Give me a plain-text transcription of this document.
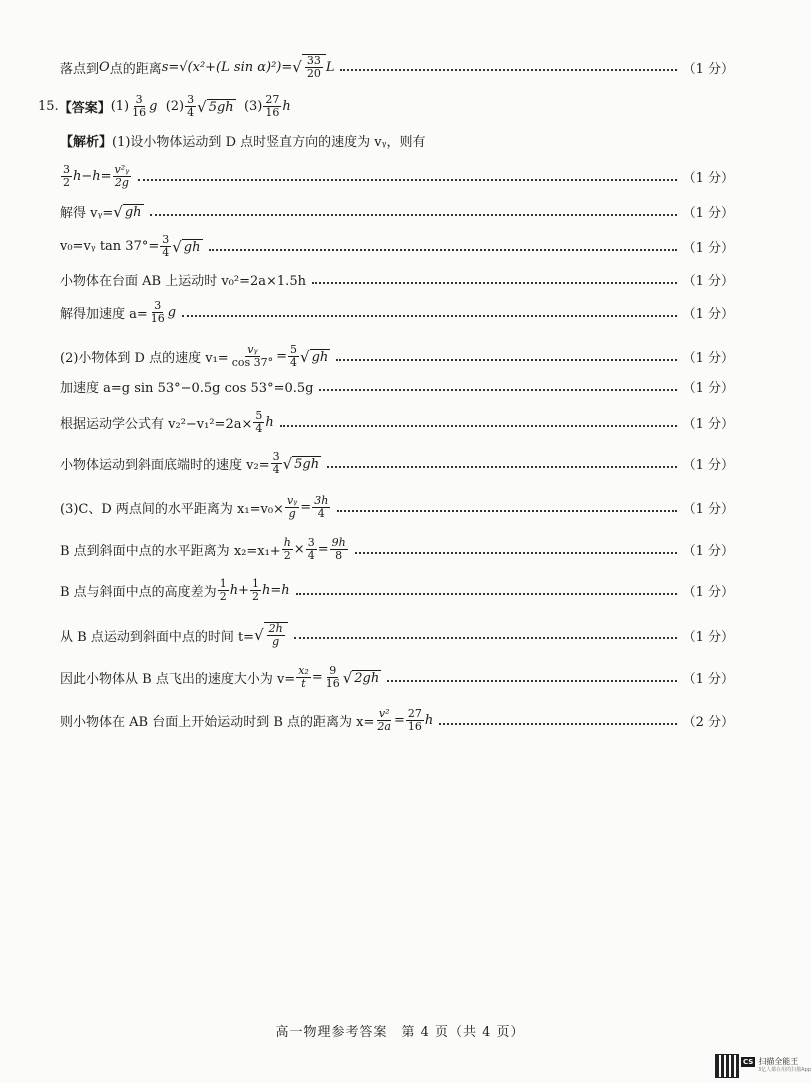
落点到 O 点的距离 s=√(x²+(L sin α)²)= √ $\frac{33}{20}$ L	（1 分）
15. 【答案】 $(1) \frac{3}{16}$ g
$(2) \frac{3}{4}$ √ 5gh
$(3) \frac{27}{16}$ h
【解析】 (1)设小物体运动到 D 点时竖直方向的速度为 vᵧ，则有
$\frac{3}{2} h-h= \frac{\text{v²ᵧ}}{2g}$	（1 分）
解得 vᵧ= √ gh	（1 分）
v₀=vᵧ $\tan 37^\circ= \frac{3}{4}$ √ gh	（1 分）
小物体在台面 AB 上运动时 v₀²=2a×1.5h	（1 分）
解得加速度 $a= \frac{3}{16}$ g	（1 分）
(2)小物体到 D 点的速度 $v_1= \frac{\text{vᵧ}}{\cos 37^\circ} = \frac{5}{4}$ √ gh	（1 分）
加速度 a=g sin 53°−0.5g cos 53°=0.5g	（1 分）
根据运动学公式有 $v_2^2-v_1^2=2a\times \frac{5}{4}$ h	（1 分）
小物体运动到斜面底端时的速度 $v_2= \frac{3}{4}$ √ 5gh	（1 分）
(3)C、D 两点间的水平距离为 $x_1=v_0\times \frac{\text{vᵧ}}{g} = \frac{3h}{4}$	（1 分）
B 点到斜面中点的水平距离为 $x_2=x_1+ \frac{h}{2} \times \frac{3}{4} = \frac{9h}{8}$	（1 分）
B 点与斜面中点的高度差为 $\frac{1}{2} h+ \frac{1}{2} h=h$	（1 分）
从 B 点运动到斜面中点的时间 t= √ $\frac{2h}{g}$	（1 分）
因此小物体从 B 点飞出的速度大小为 $v= \frac{\text{x₂}}{t} = \frac{9}{16}$ √ 2gh	（1 分）
则小物体在 AB 台面上开始运动时到 B 点的距离为 $x= \frac{\text{v²}}{2a} = \frac{27}{16}$ h	（2 分）
高一物理参考答案　第 4 页（共 4 页）
CS 扫描全能王
3亿人都在用的扫描App
